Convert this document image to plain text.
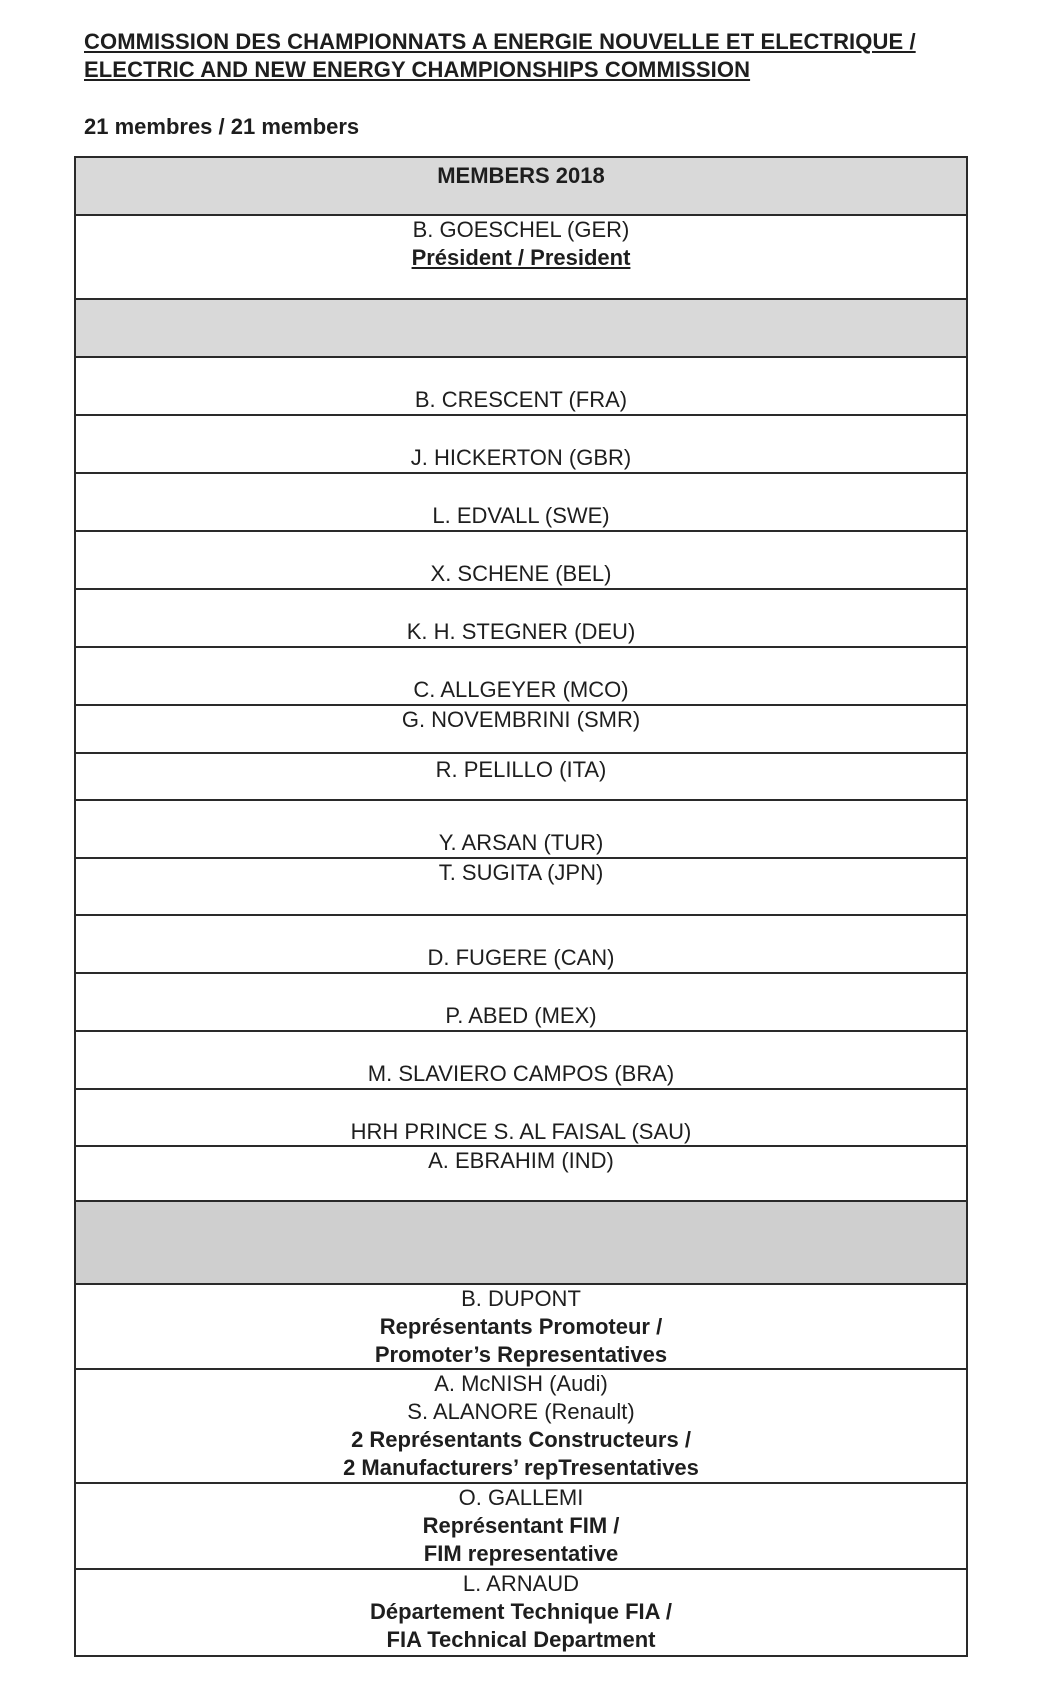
COMMISSION DES CHAMPIONNATS A ENERGIE NOUVELLE ET ELECTRIQUE /
ELECTRIC AND NEW ENERGY CHAMPIONSHIPS COMMISSION
21 membres / 21 members
MEMBERS 2018
B. GOESCHEL (GER)
Président / President
B. CRESCENT (FRA)
J. HICKERTON (GBR)
L. EDVALL (SWE)
X. SCHENE (BEL)
K. H. STEGNER (DEU)
C. ALLGEYER (MCO)
G. NOVEMBRINI (SMR)
R. PELILLO (ITA)
Y. ARSAN (TUR)
T. SUGITA (JPN)
D. FUGERE (CAN)
P. ABED (MEX)
M. SLAVIERO CAMPOS (BRA)
HRH PRINCE S. AL FAISAL (SAU)
A. EBRAHIM (IND)
B. DUPONT
Représentants Promoteur /
Promoter’s Representatives
A. McNISH (Audi)
S. ALANORE (Renault)
2 Représentants Constructeurs /
2 Manufacturers’ repTresentatives
O. GALLEMI
Représentant FIM /
FIM representative
L. ARNAUD
Département Technique FIA /
FIA Technical Department
